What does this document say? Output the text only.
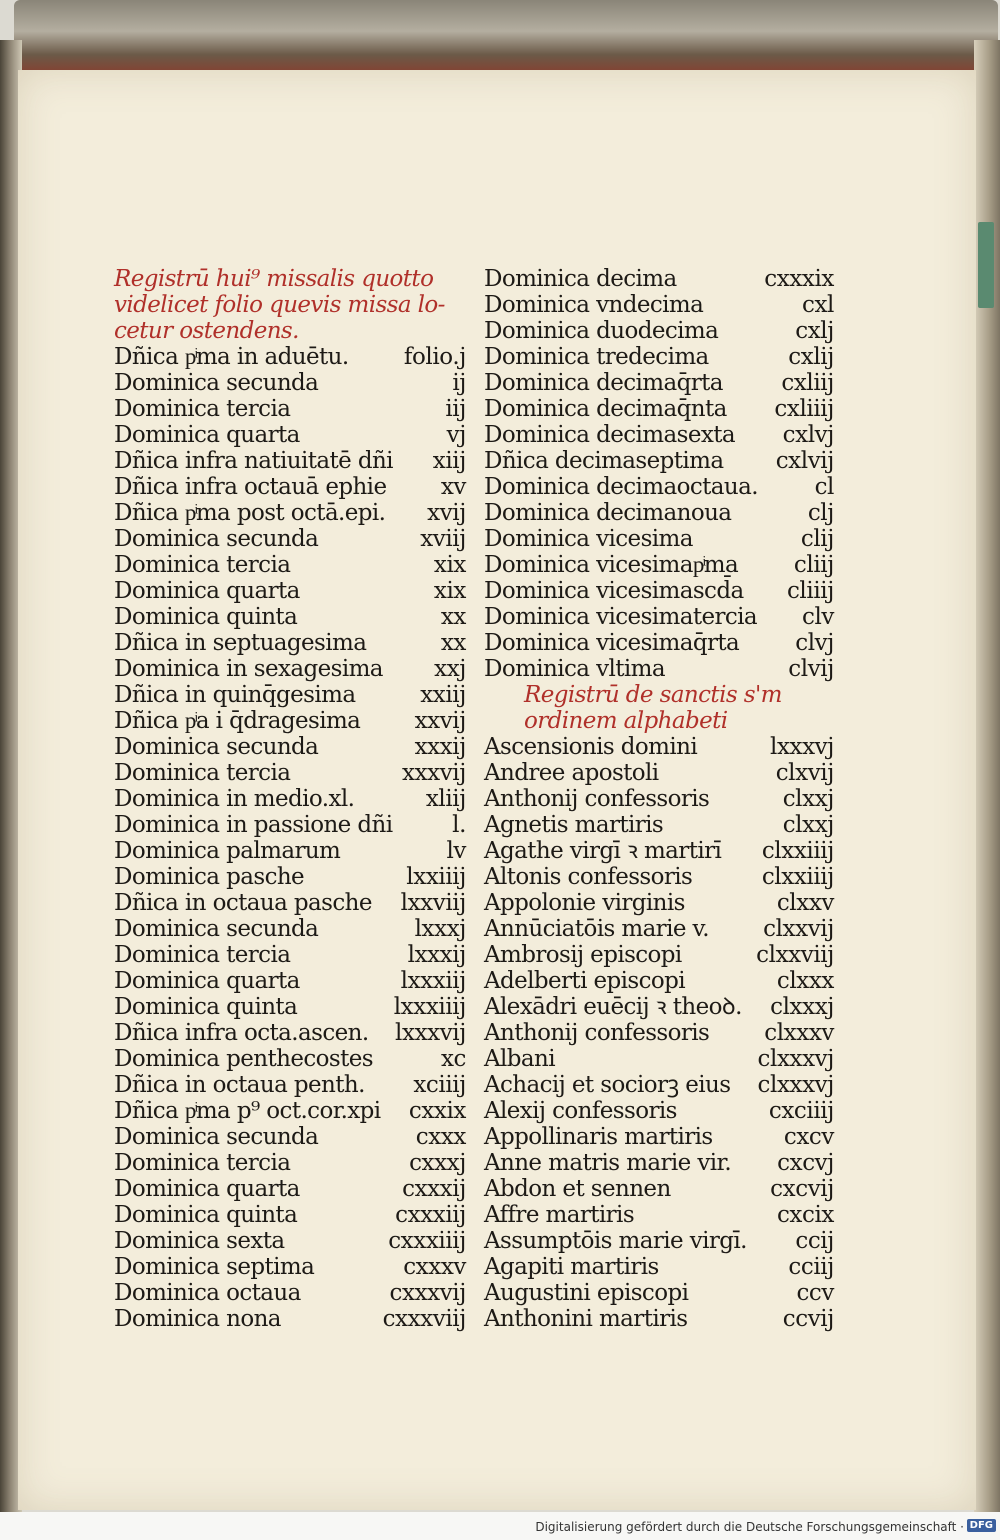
Registrū hui⁹ missalis quotto
videlicet folio quevis missa lo-
cetur ostendens.
Dñica pͥma in aduētu. folio.j
Dominica secunda	ij
Dominica tercia	iij
Dominica quarta	vj
Dñica infra natiuitatē dñi xiij
Dñica infra octauā ephie xv
Dñica pͥma post octā.epi. xvij
Dominica secunda	xviij
Dominica tercia	xix
Dominica quarta	xix
Dominica quinta	xx
Dñica in septuagesima	xx
Dominica in sexagesima xxj
Dñica in quinq̄gesima	xxiij
Dñica pͥa i q̄dragesima xxvij
Dominica secunda	xxxij
Dominica tercia	xxxvij
Dominica in medio.xl.	xliij
Dominica in passione dñi	l.
Dominica palmarum	lv
Dominica pasche	lxxiiij
Dñica in octaua pasche lxxviij
Dominica secunda	lxxxj
Dominica tercia	lxxxij
Dominica quarta	lxxxiij
Dominica quinta	lxxxiiij
Dñica infra octa.ascen. lxxxvij
Dominica penthecostes	xc
Dñica in octaua penth. xciiij
Dñica pͥma p⁹ oct.cor.xpi cxxix
Dominica secunda	cxxx
Dominica tercia	cxxxj
Dominica quarta	cxxxij
Dominica quinta	cxxxiij
Dominica sexta	cxxxiiij
Dominica septima	cxxxv
Dominica octaua	cxxxvij
Dominica nona	cxxxviij
Dominica decima	cxxxix
Dominica vndecima	cxl
Dominica duodecima	cxlj
Dominica tredecima	cxlij
Dominica decimaq̄rta	cxliij
Dominica decimaq̄nta cxliiij
Dominica decimasexta cxlvj
Dñica decimaseptima cxlvij
Dominica decimaoctaua. cl
Dominica decimanoua	clj
Dominica vicesima	clij
Dominica vicesimapͥma cliij
Dominica vicesimascd̄a cliiij
Dominica vicesimatercia clv
Dominica vicesimaq̄rta clvj
Dominica vltima	clvij
Registrū de sanctis s'm
ordinem alphabeti
Ascensionis domini	lxxxvj
Andree apostoli	clxvij
Anthonij confessoris	clxxj
Agnetis martiris	clxxj
Agathe virgī ꝛ martirī clxxiiij
Altonis confessoris	clxxiiij
Appolonie virginis	clxxv
Annūciatōis marie v. clxxvij
Ambrosij episcopi	clxxviij
Adelberti episcopi	clxxx
Alexādri euēcij ꝛ theoꝺ. clxxxj
Anthonij confessoris clxxxv
Albani	clxxxvj
Achacij et sociorꝫ eius clxxxvj
Alexij confessoris	cxciiij
Appollinaris martiris	cxcv
Anne matris marie vir. cxcvj
Abdon et sennen	cxcvij
Affre martiris	cxcix
Assumptōis marie virgī. ccij
Agapiti martiris	cciij
Augustini episcopi	ccv
Anthonini martiris	ccvij
Digitalisierung gefördert durch die Deutsche Forschungsgemeinschaft · DFG
